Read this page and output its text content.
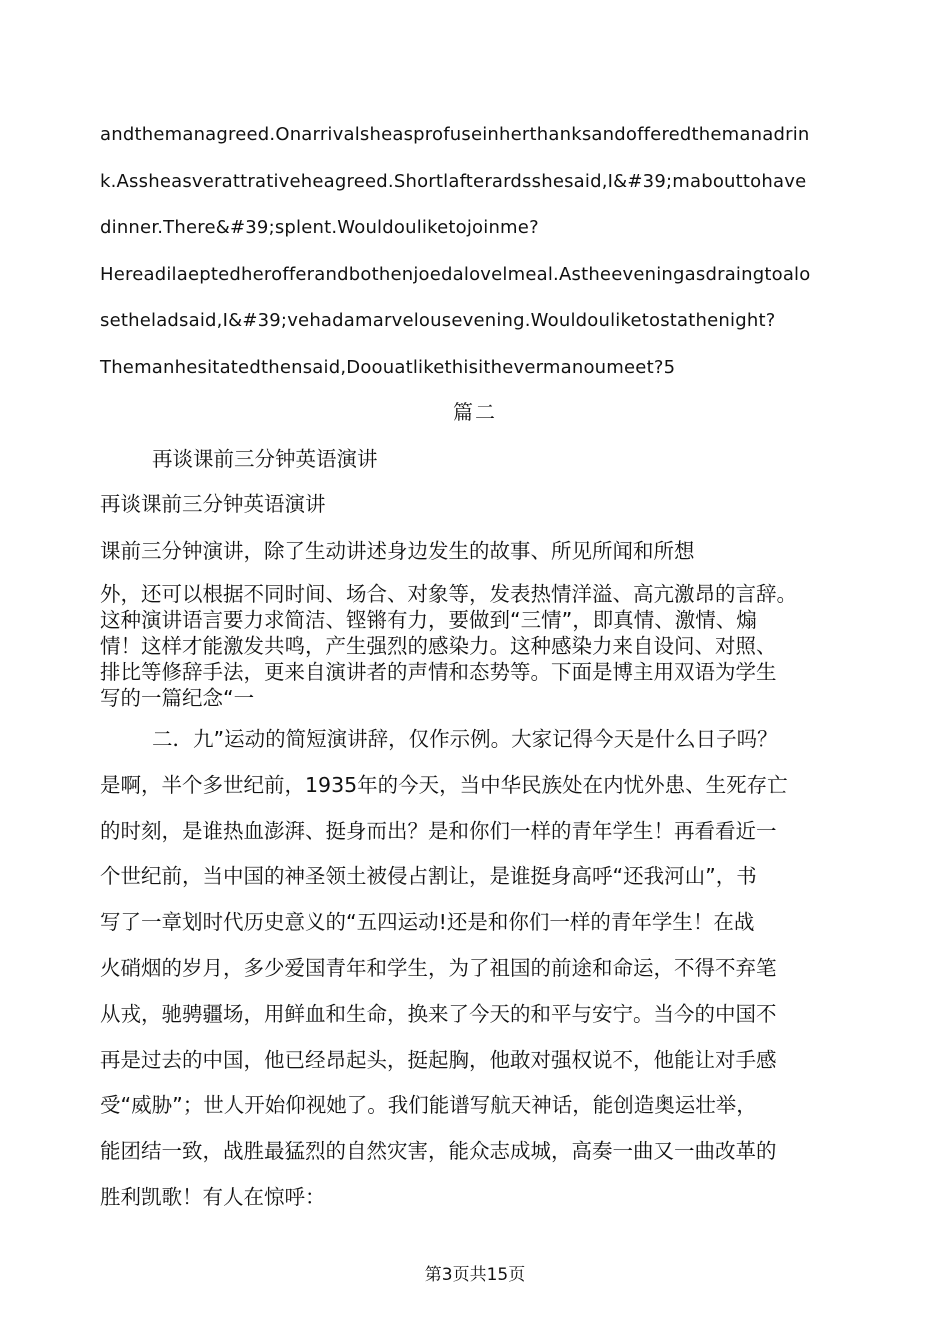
andthemanagreed.Onarrivalsheasprofuseinherthanksandofferedthemanadrin
k.Assheasverattrativeheagreed.Shortlafterardsshesaid,I&#39;mabouttohave
dinner.There&#39;splent.Wouldouliketojoinme?
Hereadilaeptedherofferandbothenjoedalovelmeal.Astheeveningasdraingtoalo
setheladsaid,I&#39;vehadamarvelousevening.Wouldouliketostathenight?
Themanhesitatedthensaid,Doouatlikethisithevermanoumeet?5
篇二
再谈课前三分钟英语演讲
再谈课前三分钟英语演讲
课前三分钟演讲，除了生动讲述身边发生的故事、所见所闻和所想
外，还可以根据不同时间、场合、对象等，发表热情洋溢、高亢激昂的言辞。
这种演讲语言要力求简洁、铿锵有力，要做到“三情”，即真情、激情、煽
情！这样才能激发共鸣，产生强烈的感染力。这种感染力来自设问、对照、
排比等修辞手法，更来自演讲者的声情和态势等。下面是博主用双语为学生
写的一篇纪念“一
二．九”运动的简短演讲辞，仅作示例。大家记得今天是什么日子吗？
是啊，半个多世纪前，1935年的今天，当中华民族处在内忧外患、生死存亡
的时刻，是谁热血澎湃、挺身而出？是和你们一样的青年学生！再看看近一
个世纪前，当中国的神圣领土被侵占割让，是谁挺身高呼“还我河山”，书
写了一章划时代历史意义的“五四运动!还是和你们一样的青年学生！在战
火硝烟的岁月，多少爱国青年和学生，为了祖国的前途和命运，不得不弃笔
从戎，驰骋疆场，用鲜血和生命，换来了今天的和平与安宁。当今的中国不
再是过去的中国，他已经昂起头，挺起胸，他敢对强权说不，他能让对手感
受“威胁”；世人开始仰视她了。我们能谱写航天神话，能创造奥运壮举，
能团结一致，战胜最猛烈的自然灾害，能众志成城，高奏一曲又一曲改革的
胜利凯歌！有人在惊呼：
第3页共15页
